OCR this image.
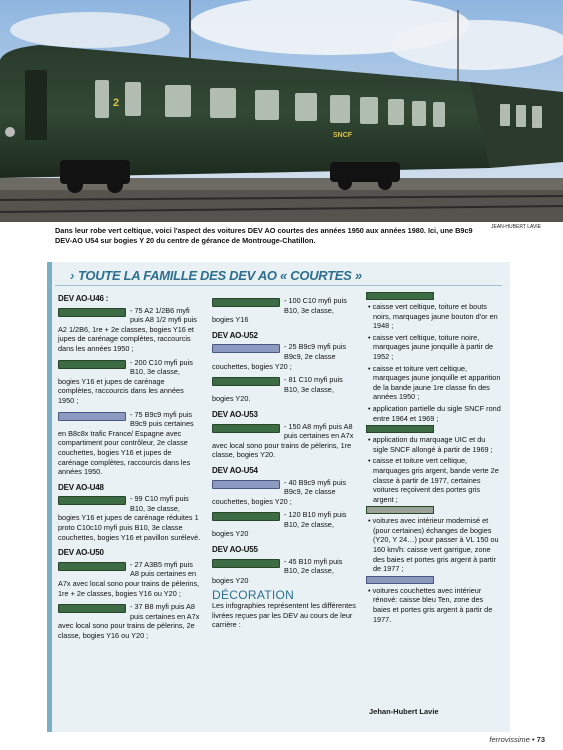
SNCF
2
JEAN-HUBERT LAVIE
Dans leur robe vert celtique, voici l'aspect des voitures DEV AO courtes des années 1950 aux années 1980. Ici, une B9c9 DEV-AO U54 sur bogies Y 20 du centre de gérance de Montrouge-Chatillon.
› TOUTE LA FAMILLE DES DEV AO « COURTES »
DEV AO-U46 :
- 75 A2 1/2B6 myfi puis A8 1/2 myfi puis A2 1/2B6, 1re + 2e classes, bogies Y16 et jupes de carénage complètes, raccourcis dans les années 1950 ;
- 200 C10 myfi puis B10, 3e classe, bogies Y16 et jupes de carénage complètes, raccourcis dans les années 1950 ;
- 75 B9c9 myfi puis B9c9 puis certaines en B8c8x trafic France/ Espagne avec compartiment pour contrôleur, 2e classe couchettes, bogies Y16 et jupes de carénage complètes, raccourcis dans les années 1950.
DEV AO-U48
- 99 C10 myfi puis B10, 3e classe, bogies Y16 et jupes de carénage réduites 1 proto C10c10 myfi puis B10, 3e classe couchettes, bogies Y16 et pavillon surélevé.
DEV AO-U50
- 27 A3B5 myfi puis A8 puis certaines en A7x avec local sono pour trains de pèlerins, 1re + 2e classes, bogies Y16 ou Y20 ;
- 37 B8 myfi puis A8 puis certaines en A7x avec local sono pour trains de pèlerins, 2e classe, bogies Y16 ou Y20 ;
- 100 C10 myfi puis B10, 3e classe, bogies Y16
DEV AO-U52
- 25 B9c9 myfi puis B9c9, 2e classe couchettes, bogies Y20 ;
- 81 C10 myfi puis B10, 3e classe, bogies Y20.
DEV AO-U53
- 150 A8 myfi puis A8 puis certaines en A7x avec local sono pour trains de pèlerins, 1re classe, bogies Y20.
DEV AO-U54
- 40 B9c9 myfi puis B9c9, 2e classe couchettes, bogies Y20 ;
- 120 B10 myfi puis B10, 2e classe, bogies Y20
DEV AO-U55
- 45 B10 myfi puis B10, 2e classe, bogies Y20
DÉCORATION
Les infographies représentent les différentes livrées reçues par les DEV au cours de leur carrière :
• caisse vert celtique, toiture et bouts noirs, marquages jaune bouton d'or en 1948 ;
• caisse vert celtique, toiture noire, marquages jaune jonquille à partir de 1952 ;
• caisse et toiture vert celtique, marquages jaune jonquille et apparition de la bande jaune 1re classe fin des années 1950 ;
• application partielle du sigle SNCF rond entre 1964 et 1969 ;
• application du marquage UIC et du sigle SNCF allongé à partir de 1969 ;
• caisse et toiture vert celtique, marquages gris argent, bande verte 2e classe à partir de 1977, certaines voitures reçoivent des portes gris argent ;
• voitures avec intérieur modernisé et (pour certaines) échanges de bogies (Y20, Y 24…) pour passer à VL 150 ou 160 km/h: caisse vert garrigue, zone des baies et portes gris argent à partir de 1977 ;
• voitures couchettes avec intérieur rénové: caisse bleu Ten, zone des baies et portes gris argent à partir de 1977.
Jehan-Hubert Lavie
ferrovissime • 73
